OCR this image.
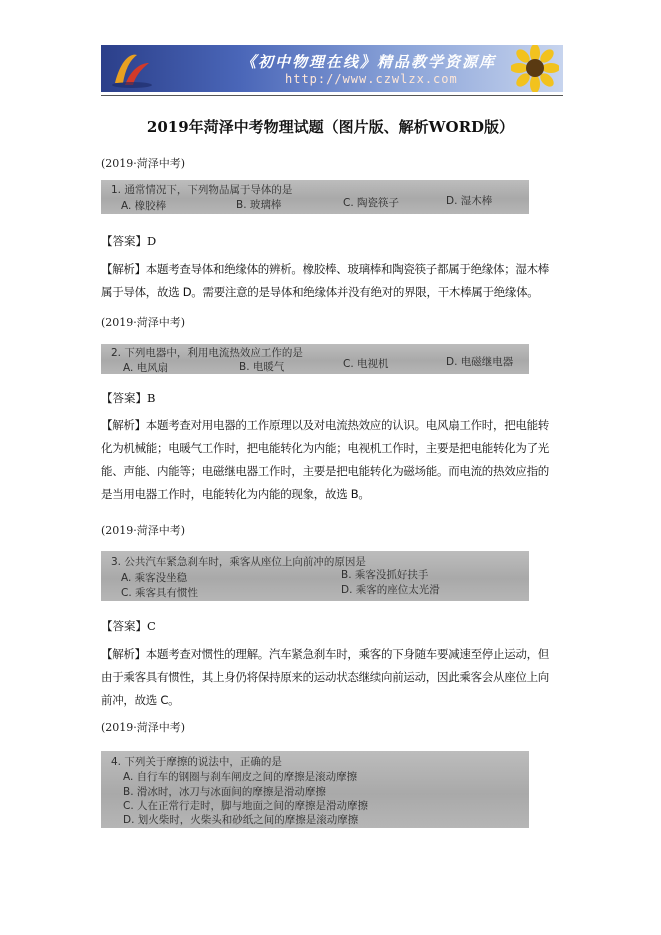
《初中物理在线》精品教学资源库
http://www.czwlzx.com
2019年菏泽中考物理试题（图片版、解析WORD版）
(2019·菏泽中考)
1. 通常情况下，下列物品属于导体的是
A. 橡胶棒	B. 玻璃棒	C. 陶瓷筷子	D. 湿木棒
【答案】D
【解析】本题考查导体和绝缘体的辨析。橡胶棒、玻璃棒和陶瓷筷子都属于绝缘体；湿木棒
属于导体，故选 D。需要注意的是导体和绝缘体并没有绝对的界限，干木棒属于绝缘体。
(2019·菏泽中考)
2. 下列电器中，利用电流热效应工作的是
A. 电风扇	B. 电暖气	C. 电视机	D. 电磁继电器
【答案】B
【解析】本题考查对用电器的工作原理以及对电流热效应的认识。电风扇工作时，把电能转
化为机械能；电暖气工作时，把电能转化为内能；电视机工作时，主要是把电能转化为了光
能、声能、内能等；电磁继电器工作时，主要是把电能转化为磁场能。而电流的热效应指的
是当用电器工作时，电能转化为内能的现象，故选 B。
(2019·菏泽中考)
3. 公共汽车紧急刹车时，乘客从座位上向前冲的原因是
A. 乘客没坐稳	B. 乘客没抓好扶手
C. 乘客具有惯性	D. 乘客的座位太光滑
【答案】C
【解析】本题考查对惯性的理解。汽车紧急刹车时，乘客的下身随车要减速至停止运动，但
由于乘客具有惯性，其上身仍将保持原来的运动状态继续向前运动，因此乘客会从座位上向
前冲，故选 C。
(2019·菏泽中考)
4. 下列关于摩擦的说法中，正确的是
A. 自行车的钢圈与刹车闸皮之间的摩擦是滚动摩擦
B. 滑冰时，冰刀与冰面间的摩擦是滑动摩擦
C. 人在正常行走时，脚与地面之间的摩擦是滑动摩擦
D. 划火柴时，火柴头和砂纸之间的摩擦是滚动摩擦
